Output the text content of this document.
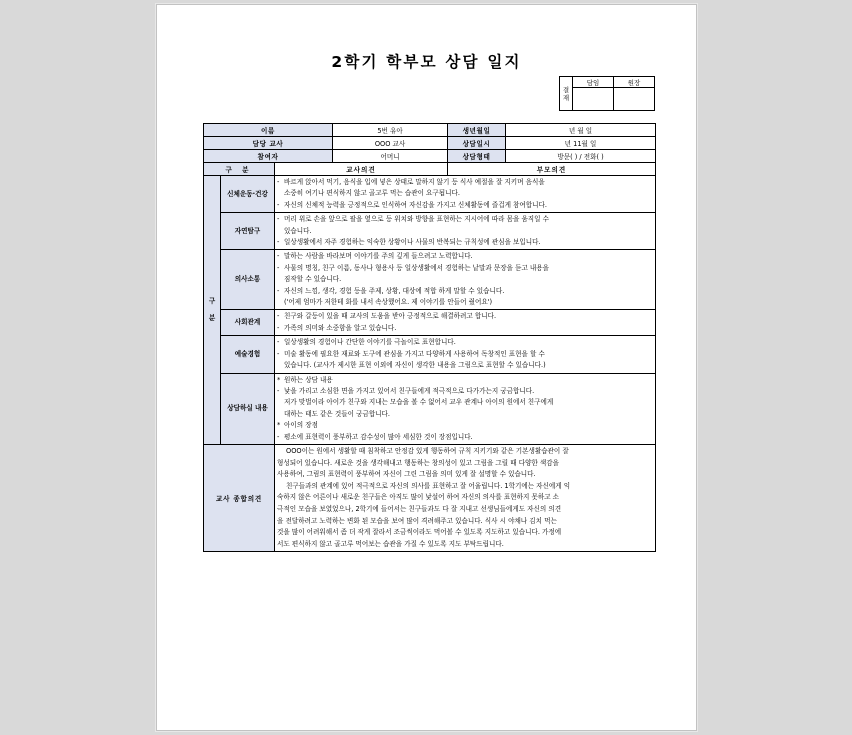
2학기 학부모 상담 일지
결
재	담임	원장

이름			5번 유아	생년월일	년 월 일
담당 교사			OOO 교사	상담일시	년 11월 일
참여자			어머니	상담형태	방문( ) / 전화( )
구 분		교사의견		부모의견	

구
분	신체운동·건강	- 바르게 앉아서 먹기, 음식을 입에 넣은 상태로 말하지 않기 등 식사 예절을 잘 지키며 음식을
소중히 여기나 편식하지 않고 골고루 먹는 습관이 요구됩니다.
- 자신의 신체적 능력을 긍정적으로 인식하여 자신감을 가지고 신체활동에 즐겁게 참여합니다.			

	자연탐구	- 머리 위로 손을 앞으로 팔을 옆으로 등 위치와 방향을 표현하는 지시어에 따라 몸을 움직일 수
있습니다.
- 일상생활에서 자주 경험하는 익숙한 상황이나 사물의 반복되는 규칙성에 관심을 보입니다.			

	의사소통	- 말하는 사람을 바라보며 이야기를 주의 깊게 들으려고 노력합니다.
- 사물의 명칭, 친구 이름, 동사나 형용사 등 일상생활에서 경험하는 낱말과 문장을 듣고 내용을
짐작할 수 있습니다.
- 자신의 느낌, 생각, 경험 등을 주제, 상황, 대상에 적합 하게 말할 수 있습니다.
('어제 엄마가 저한테 화를 내서 속상했어요. 제 이야기를 안들어 줬어요')			

	사회관계	- 친구와 갈등이 있을 때 교사의 도움을 받아 긍정적으로 해결하려고 합니다.
- 가족의 의미와 소중함을 알고 있습니다.			

	예술경험	- 일상생활의 경험이나 간단한 이야기를 극놀이로 표현합니다.
- 미술 활동에 필요한 재료와 도구에 관심을 가지고 다양하게 사용하여 독창적인 표현을 할 수
있습니다. (교사가 제시한 표현 이외에 자신이 생각한 내용을 그림으로 표현할 수 있습니다.)			

상담하실 내용	
* 원하는 상담 내용
- 낯을 가리고 소심한 면을 가지고 있어서 친구들에게 적극적으로 다가가는지 궁금합니다.
저가 맞벌이라 아이가 친구와 지내는 모습을 볼 수 없어서 교우 관계나 아이의 원에서 친구에게
대하는 태도 같은 것들이 궁금합니다.
* 아이의 장점
- 평소에 표현력이 풍부하고 감수성이 많아 세심한 것이 장점입니다.

교사 종합의견	
OOO이는 원에서 생활할 때 침착하고 안정감 있게 행동하여 규칙 지키기와 같은 기본생활습관이 잘
형성되어 있습니다. 새로운 것을 생각해내고 행동하는 창의성이 있고 그림을 그릴 때 다양한 색감을
사용하여, 그림의 표현력이 풍부하여 자신이 그린 그림을 의미 있게 잘 설명할 수 있습니다.
친구들과의 관계에 있어 적극적으로 자신의 의사를 표현하고 잘 어울립니다. 1학기에는 자신에게 익
숙하지 않은 어른이나 새로운 친구들은 아직도 많이 낯설어 하여 자신의 의사를 표현하지 못하고 소
극적인 모습을 보였었으나, 2학기에 들어서는 친구들과도 다 잘 지내고 선생님들에게도 자신의 의견
을 전달하려고 노력하는 변화 된 모습을 보여 많이 격려해주고 있습니다. 식사 시 야채나 김치 먹는
것을 많이 어려워해서 좀 더 작게 잘라서 조금씩이라도 먹어볼 수 있도록 지도하고 있습니다. 가정에
서도 편식하지 않고 골고루 먹어보는 습관을 가질 수 있도록 지도 부탁드립니다.
